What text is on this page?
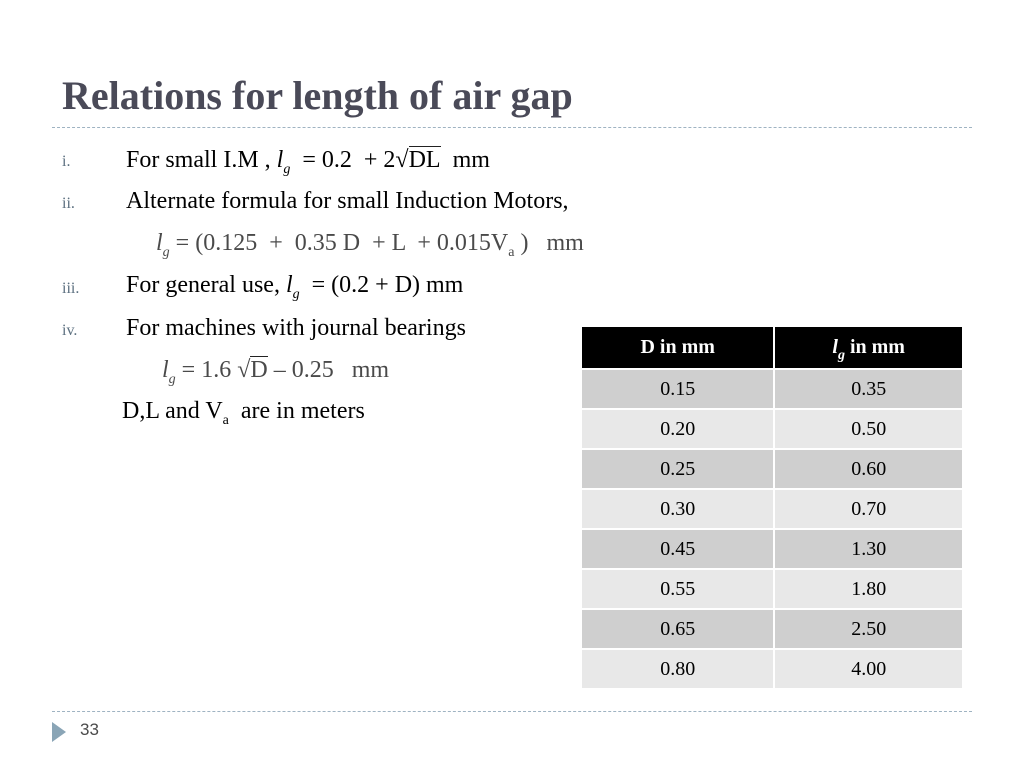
Relations for length of air gap
i. For small I.M , $l_g = 0.2 + 2√DL$  mm
ii. Alternate formula for small Induction Motors,
$l_g = (0.125 + 0.35$ $D + L + 0.015V_a$ )   mm
iii. For general use, $l_g = (0.2 + D)$ mm
iv. For machines with journal bearings
$l_g = 1.6$ √D – 0.25   mm
D,L and $V_a$  are in meters
D in mm	$l_g$ in mm
0.15	0.35
0.20	0.50
0.25	0.60
0.30	0.70
0.45	1.30
0.55	1.80
0.65	2.50
0.80	4.00
33
